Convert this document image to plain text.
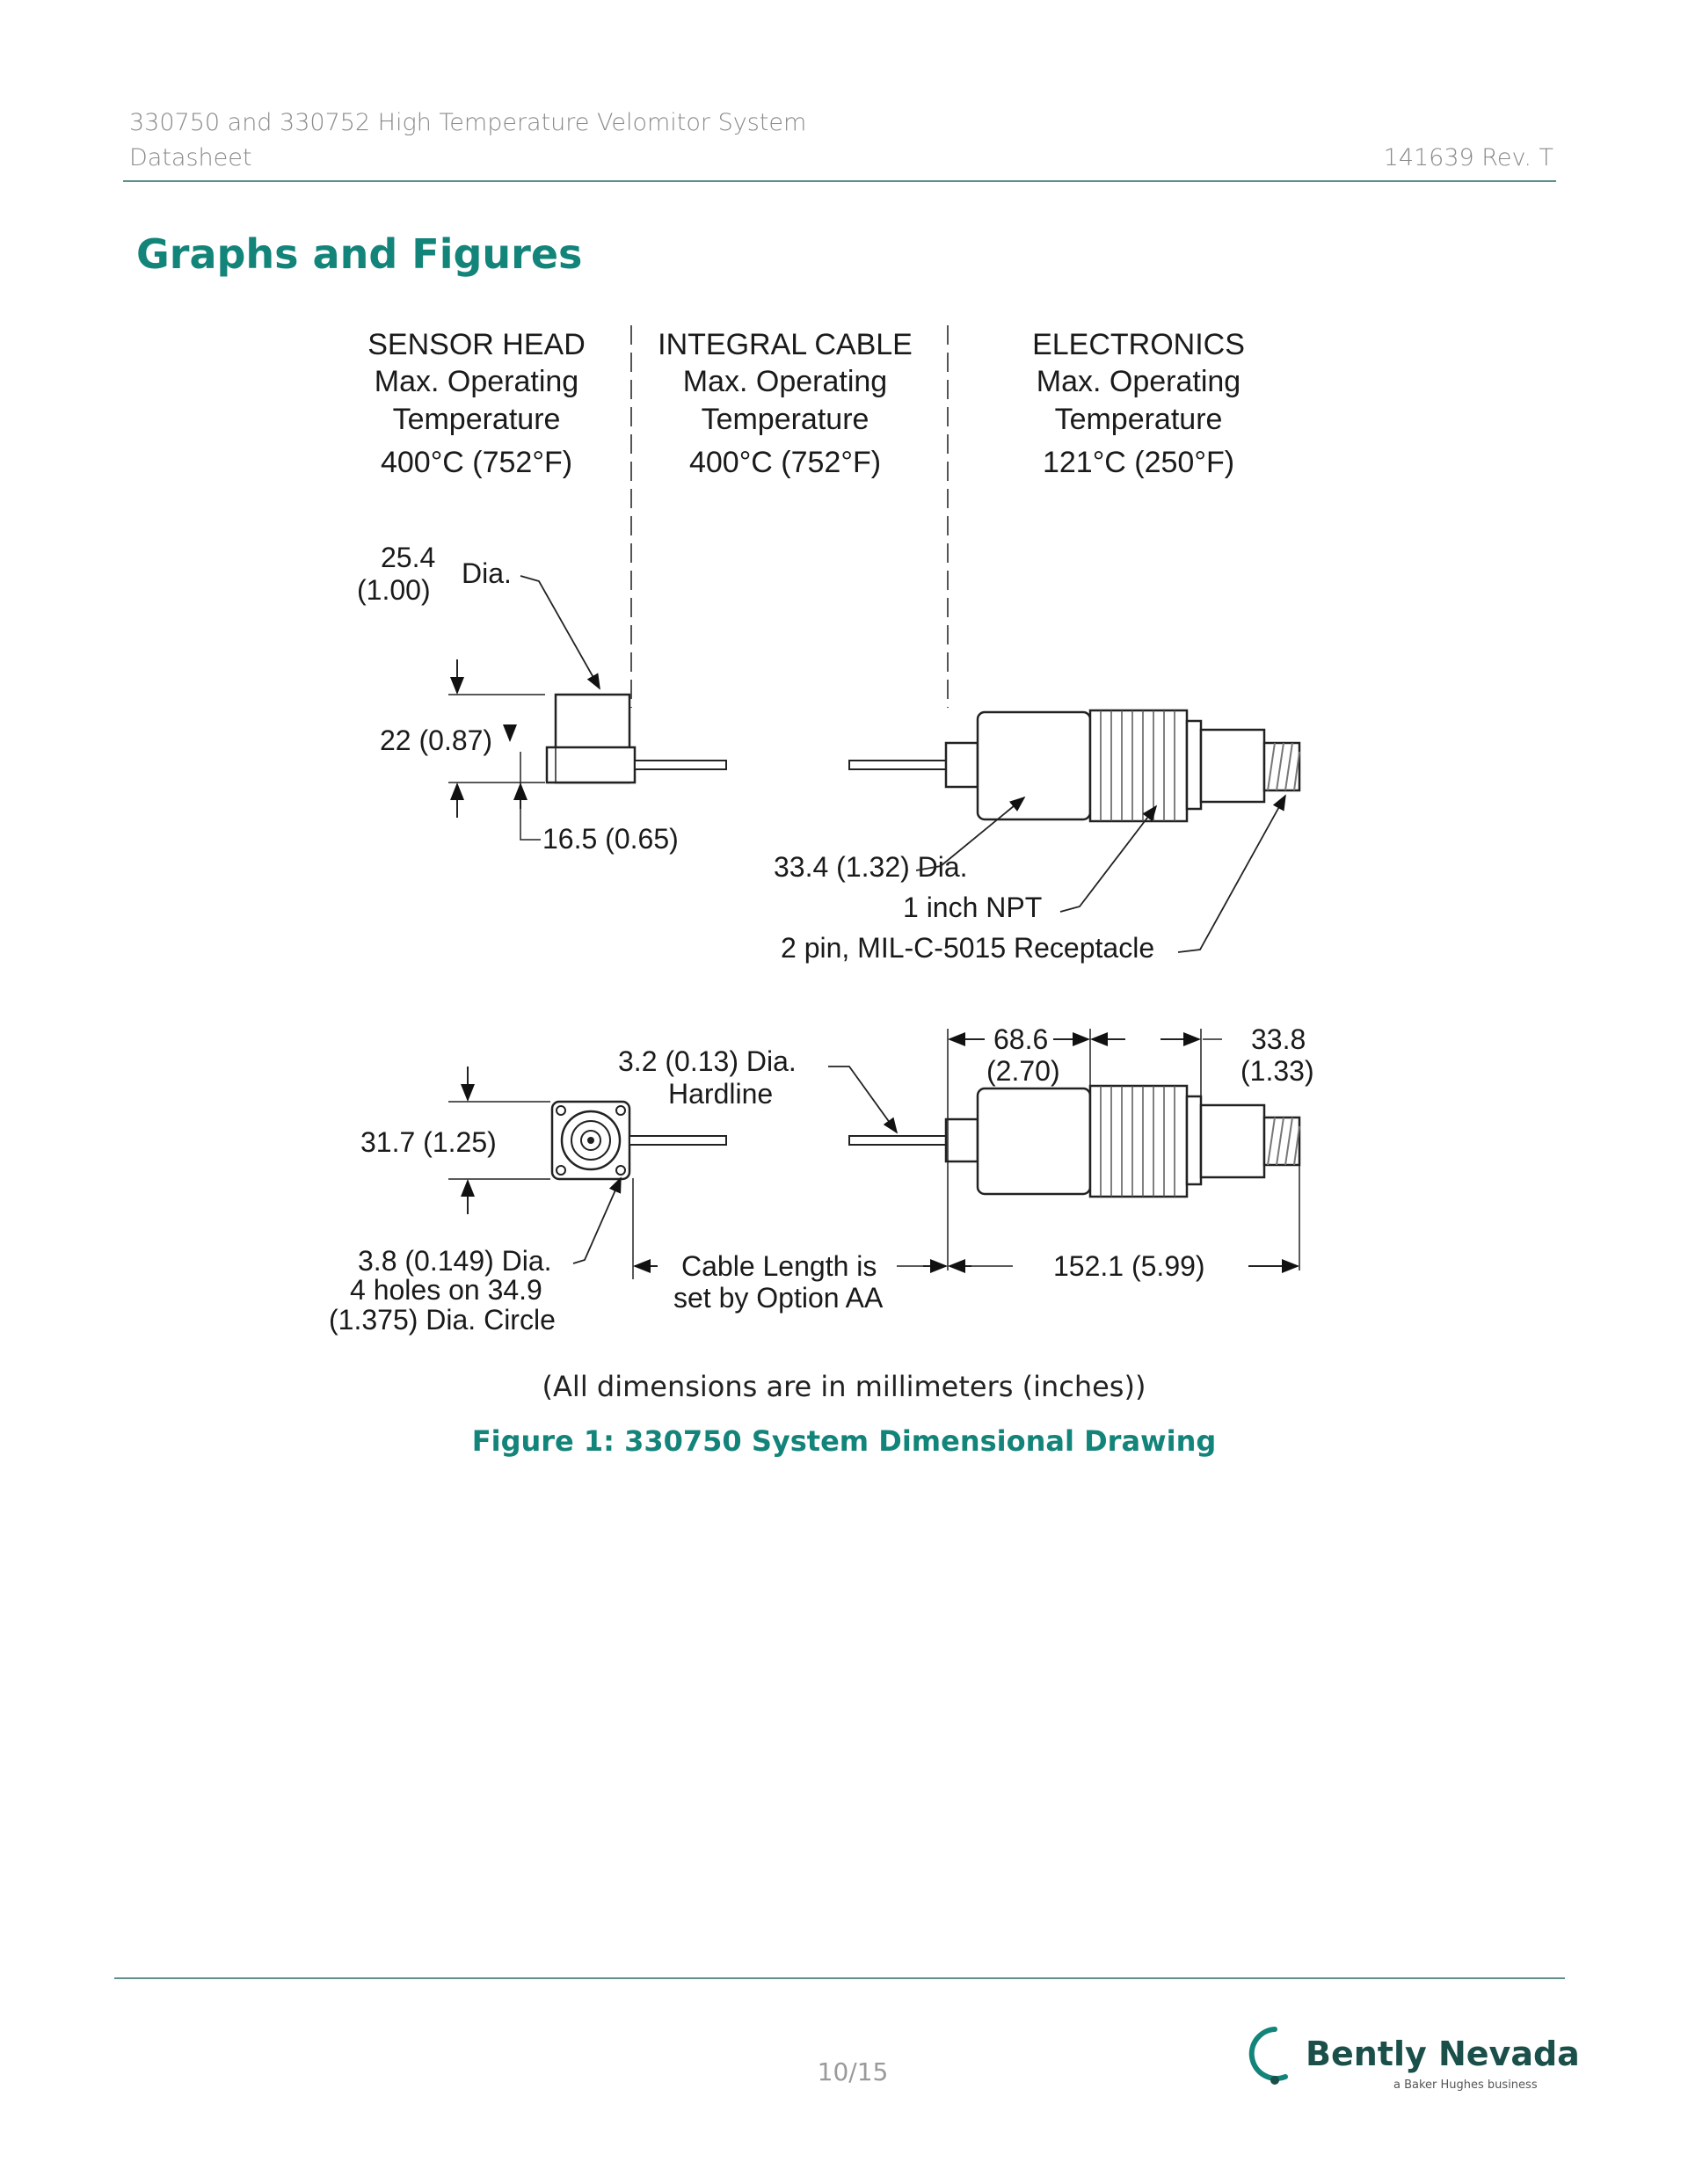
330750 and 330752 High Temperature Velomitor System
Datasheet	141639 Rev. T
Graphs and Figures
SENSOR HEAD
Max. Operating
Temperature
400°C (752°F)
INTEGRAL CABLE
Max. Operating
Temperature
400°C (752°F)
ELECTRONICS
Max. Operating
Temperature
121°C (250°F)
25.4
(1.00)
Dia.
22 (0.87)
16.5 (0.65)
33.4 (1.32) Dia.
1 inch NPT
2 pin, MIL-C-5015 Receptacle
3.2 (0.13) Dia.
Hardline
68.6
(2.70)
33.8
(1.33)
31.7 (1.25)
3.8 (0.149) Dia.
4 holes on 34.9
(1.375) Dia. Circle
Cable Length is
set by Option AA
152.1 (5.99)
(All dimensions are in millimeters (inches))
Figure 1: 330750 System Dimensional Drawing
10/15	Bently Nevada
a Baker Hughes business
